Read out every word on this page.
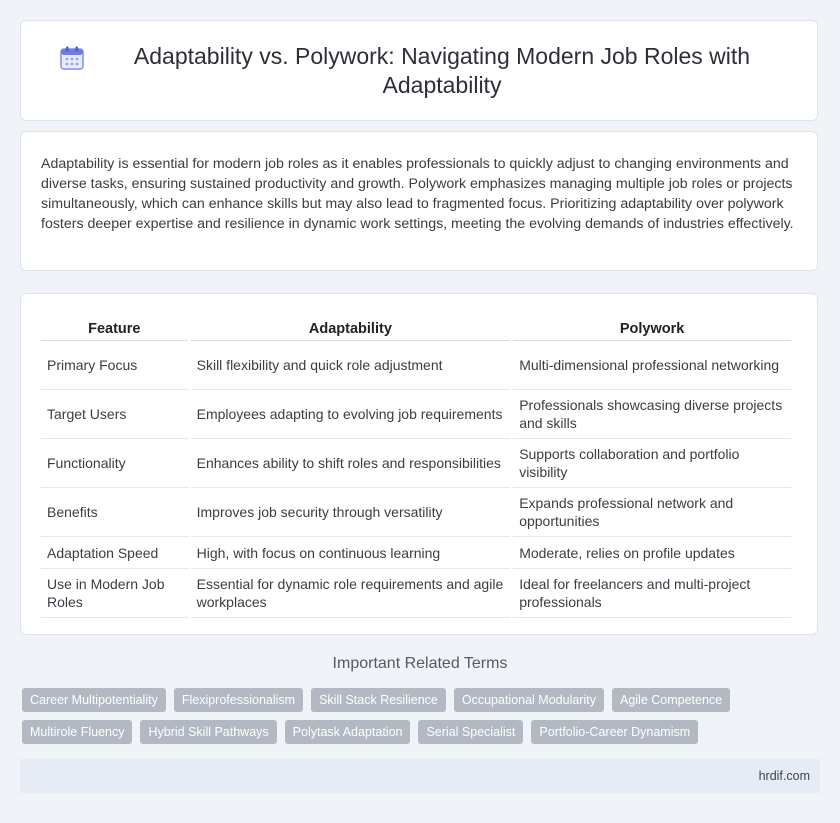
Adaptability vs. Polywork: Navigating Modern Job Roles with Adaptability

Adaptability is essential for modern job roles as it enables professionals to quickly adjust to changing environments and diverse tasks, ensuring sustained productivity and growth. Polywork emphasizes managing multiple job roles or projects simultaneously, which can enhance skills but may also lead to fragmented focus. Prioritizing adaptability over polywork fosters deeper expertise and resilience in dynamic work settings, meeting the evolving demands of industries effectively.

Feature	Adaptability	Polywork
Primary Focus	Skill flexibility and quick role adjustment	Multi-dimensional professional networking
Target Users	Employees adapting to evolving job requirements	Professionals showcasing diverse projects and skills
Functionality	Enhances ability to shift roles and responsibilities	Supports collaboration and portfolio visibility
Benefits	Improves job security through versatility	Expands professional network and opportunities
Adaptation Speed	High, with focus on continuous learning	Moderate, relies on profile updates
Use in Modern Job Roles	Essential for dynamic role requirements and agile workplaces	Ideal for freelancers and multi-project professionals
Important Related Terms
Career Multipotentiality	Flexiprofessionalism	Skill Stack Resilience	Occupational Modularity	Agile Competence
Multirole Fluency	Hybrid Skill Pathways	Polytask Adaptation	Serial Specialist	Portfolio-Career Dynamism
hrdif.com
